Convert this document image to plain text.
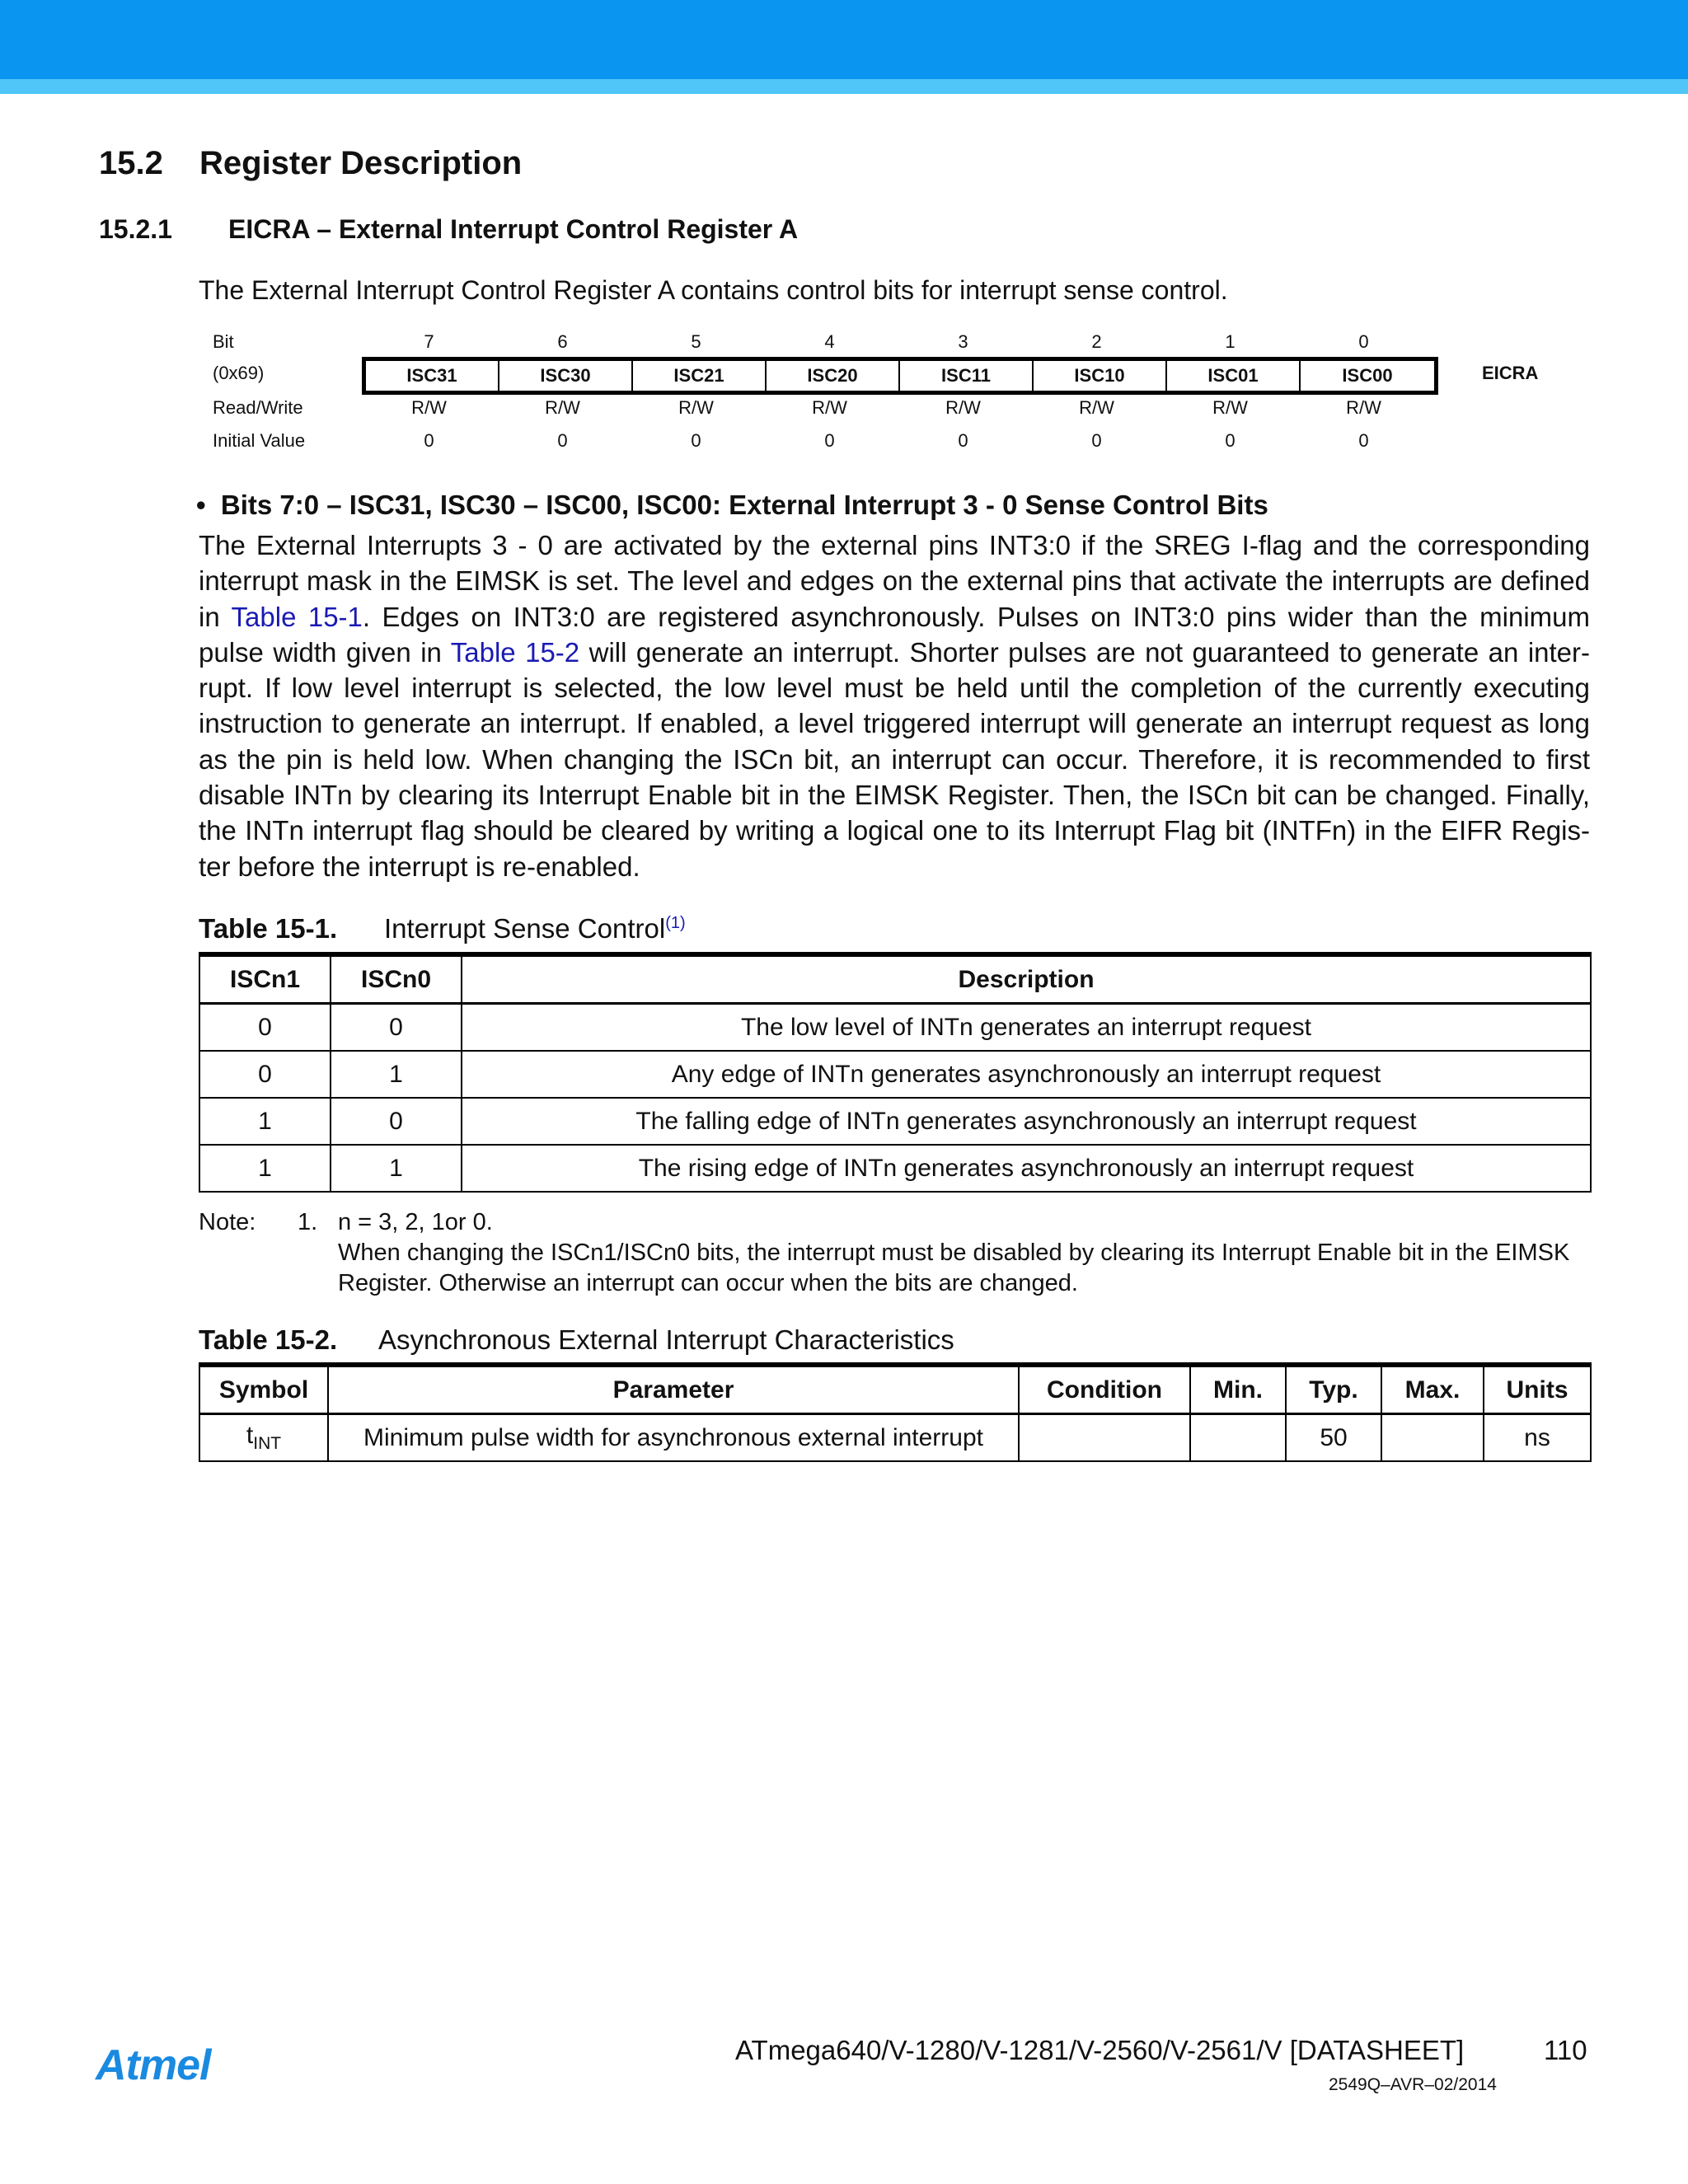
15.2 Register Description
15.2.1 EICRA – External Interrupt Control Register A
The External Interrupt Control Register A contains control bits for interrupt sense control.
Bit	7	6	5	4	3	2	1	0
(0x69)	ISC31	ISC30	ISC21	ISC20	ISC11	ISC10	ISC01	ISC00	EICRA
Read/Write	R/W	R/W	R/W	R/W	R/W	R/W	R/W	R/W
Initial Value	0	0	0	0	0	0	0	0
•  Bits 7:0 – ISC31, ISC30 – ISC00, ISC00: External Interrupt 3 - 0 Sense Control Bits
The External Interrupts 3 - 0 are activated by the external pins INT3:0 if the SREG I-flag and the corresponding interrupt mask in the EIMSK is set. The level and edges on the external pins that activate the interrupts are defined in Table 15-1. Edges on INT3:0 are registered asynchronously. Pulses on INT3:0 pins wider than the minimum pulse width given in Table 15-2 will generate an interrupt. Shorter pulses are not guaranteed to generate an inter-rupt. If low level interrupt is selected, the low level must be held until the completion of the currently executing instruction to generate an interrupt. If enabled, a level triggered interrupt will generate an interrupt request as long as the pin is held low. When changing the ISCn bit, an interrupt can occur. Therefore, it is recommended to first disable INTn by clearing its Interrupt Enable bit in the EIMSK Register. Then, the ISCn bit can be changed. Finally, the INTn interrupt flag should be cleared by writing a logical one to its Interrupt Flag bit (INTFn) in the EIFR Regis-ter before the interrupt is re-enabled.
Table 15-1. Interrupt Sense Control$^{(1)}$
ISCn1	ISCn0	Description
0	0	The low level of INTn generates an interrupt request
0	1	Any edge of INTn generates asynchronously an interrupt request
1	0	The falling edge of INTn generates asynchronously an interrupt request
1	1	The rising edge of INTn generates asynchronously an interrupt request
Note: 1. n = 3, 2, 1or 0.
When changing the ISCn1/ISCn0 bits, the interrupt must be disabled by clearing its Interrupt Enable bit in the EIMSK Register. Otherwise an interrupt can occur when the bits are changed.
Table 15-2. Asynchronous External Interrupt Characteristics
Symbol	Parameter	Condition	Min.	Typ.	Max.	Units
$t_{INT}$	Minimum pulse width for asynchronous external interrupt			50		ns
Atmel	ATmega640/V-1280/V-1281/V-2560/V-2561/V [DATASHEET]	110
2549Q–AVR–02/2014
